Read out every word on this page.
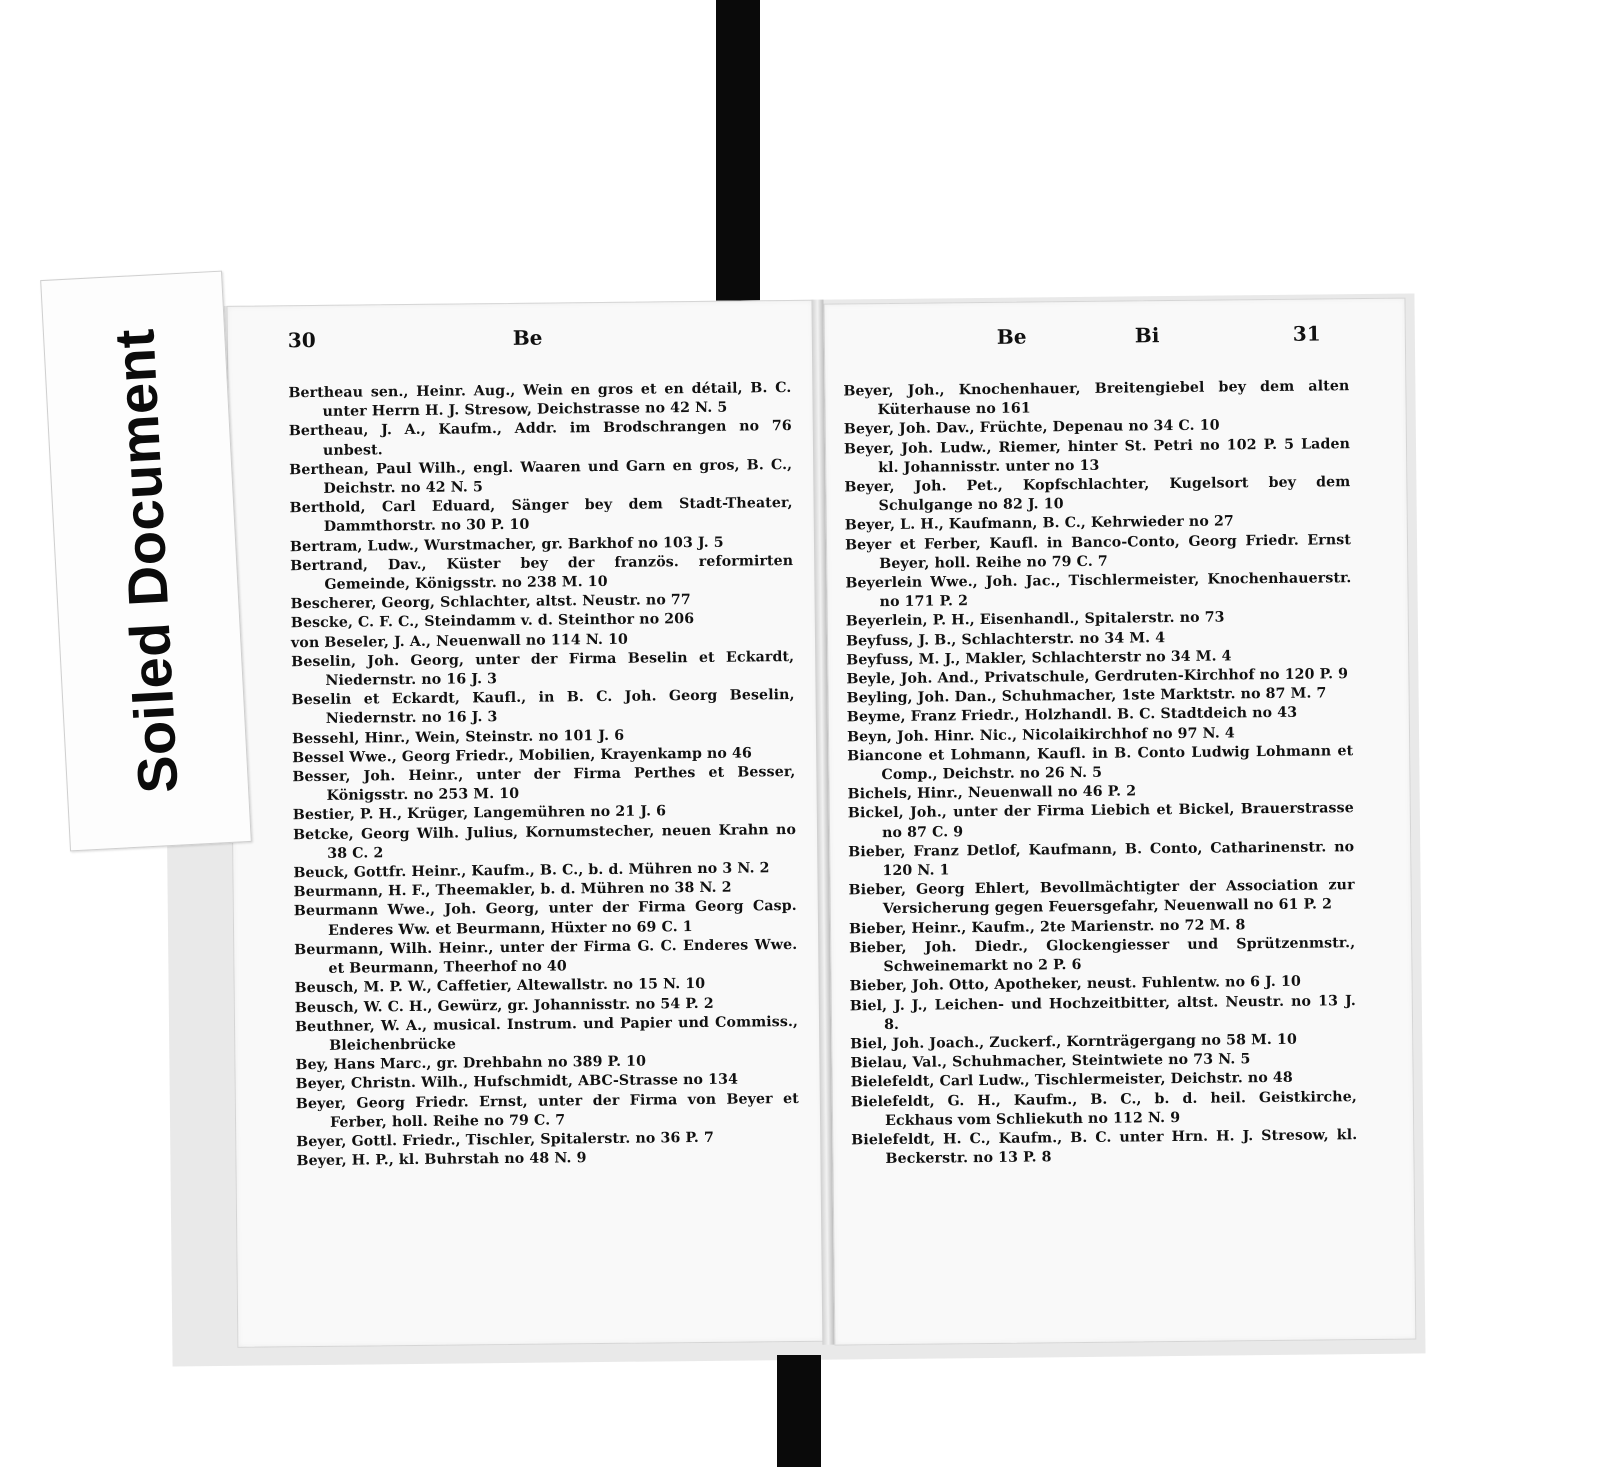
30	Be

Bertheau sen., Heinr. Aug., Wein en gros et en détail, B. C. unter Herrn H. J. Stresow, Deichstrasse no 42 N. 5

Bertheau, J. A., Kaufm., Addr. im Brodschrangen no 76 unbest.

Berthean, Paul Wilh., engl. Waaren und Garn en gros, B. C., Deichstr. no 42 N. 5

Berthold, Carl Eduard, Sänger bey dem Stadt-Theater, Dammthorstr. no 30 P. 10

Bertram, Ludw., Wurstmacher, gr. Barkhof no 103 J. 5

Bertrand, Dav., Küster bey der französ. reformirten Gemeinde, Königsstr. no 238 M. 10

Bescherer, Georg, Schlachter, altst. Neustr. no 77

Bescke, C. F. C., Steindamm v. d. Steinthor no 206

von Beseler, J. A., Neuenwall no 114 N. 10

Beselin, Joh. Georg, unter der Firma Beselin et Eckardt, Niedernstr. no 16 J. 3

Beselin et Eckardt, Kaufl., in B. C. Joh. Georg Beselin, Niedernstr. no 16 J. 3

Bessehl, Hinr., Wein, Steinstr. no 101 J. 6

Bessel Wwe., Georg Friedr., Mobilien, Krayenkamp no 46

Besser, Joh. Heinr., unter der Firma Perthes et Besser, Königsstr. no 253 M. 10

Bestier, P. H., Krüger, Langemühren no 21 J. 6

Betcke, Georg Wilh. Julius, Kornumstecher, neuen Krahn no 38 C. 2

Beuck, Gottfr. Heinr., Kaufm., B. C., b. d. Mühren no 3 N. 2

Beurmann, H. F., Theemakler, b. d. Mühren no 38 N. 2

Beurmann Wwe., Joh. Georg, unter der Firma Georg Casp. Enderes Ww. et Beurmann, Hüxter no 69 C. 1

Beurmann, Wilh. Heinr., unter der Firma G. C. Enderes Wwe. et Beurmann, Theerhof no 40

Beusch, M. P. W., Caffetier, Altewallstr. no 15 N. 10

Beusch, W. C. H., Gewürz, gr. Johannisstr. no 54 P. 2

Beuthner, W. A., musical. Instrum. und Papier und Commiss., Bleichenbrücke

Bey, Hans Marc., gr. Drehbahn no 389 P. 10

Beyer, Christn. Wilh., Hufschmidt, ABC-Strasse no 134

Beyer, Georg Friedr. Ernst, unter der Firma von Beyer et Ferber, holl. Reihe no 79 C. 7

Beyer, Gottl. Friedr., Tischler, Spitalerstr. no 36 P. 7

Beyer, H. P., kl. Buhrstah no 48 N. 9

Be	Bi	31

Beyer, Joh., Knochenhauer, Breitengiebel bey dem alten Küterhause no 161

Beyer, Joh. Dav., Früchte, Depenau no 34 C. 10

Beyer, Joh. Ludw., Riemer, hinter St. Petri no 102 P. 5 Laden kl. Johannisstr. unter no 13

Beyer, Joh. Pet., Kopfschlachter, Kugelsort bey dem Schulgange no 82 J. 10

Beyer, L. H., Kaufmann, B. C., Kehrwieder no 27

Beyer et Ferber, Kaufl. in Banco-Conto, Georg Friedr. Ernst Beyer, holl. Reihe no 79 C. 7

Beyerlein Wwe., Joh. Jac., Tischlermeister, Knochenhauerstr. no 171 P. 2

Beyerlein, P. H., Eisenhandl., Spitalerstr. no 73

Beyfuss, J. B., Schlachterstr. no 34 M. 4

Beyfuss, M. J., Makler, Schlachterstr no 34 M. 4

Beyle, Joh. And., Privatschule, Gerdruten-Kirchhof no 120 P. 9

Beyling, Joh. Dan., Schuhmacher, 1ste Marktstr. no 87 M. 7

Beyme, Franz Friedr., Holzhandl. B. C. Stadtdeich no 43

Beyn, Joh. Hinr. Nic., Nicolaikirchhof no 97 N. 4

Biancone et Lohmann, Kaufl. in B. Conto Ludwig Lohmann et Comp., Deichstr. no 26 N. 5

Bichels, Hinr., Neuenwall no 46 P. 2

Bickel, Joh., unter der Firma Liebich et Bickel, Brauerstrasse no 87 C. 9

Bieber, Franz Detlof, Kaufmann, B. Conto, Catharinenstr. no 120 N. 1

Bieber, Georg Ehlert, Bevollmächtigter der Association zur Versicherung gegen Feuersgefahr, Neuenwall no 61 P. 2

Bieber, Heinr., Kaufm., 2te Marienstr. no 72 M. 8

Bieber, Joh. Diedr., Glockengiesser und Sprützenmstr., Schweinemarkt no 2 P. 6

Bieber, Joh. Otto, Apotheker, neust. Fuhlentw. no 6 J. 10

Biel, J. J., Leichen- und Hochzeitbitter, altst. Neustr. no 13 J. 8.

Biel, Joh. Joach., Zuckerf., Kornträgergang no 58 M. 10

Bielau, Val., Schuhmacher, Steintwiete no 73 N. 5

Bielefeldt, Carl Ludw., Tischlermeister, Deichstr. no 48

Bielefeldt, G. H., Kaufm., B. C., b. d. heil. Geistkirche, Eckhaus vom Schliekuth no 112 N. 9

Bielefeldt, H. C., Kaufm., B. C. unter Hrn. H. J. Stresow, kl. Beckerstr. no 13 P. 8

Soiled Document
